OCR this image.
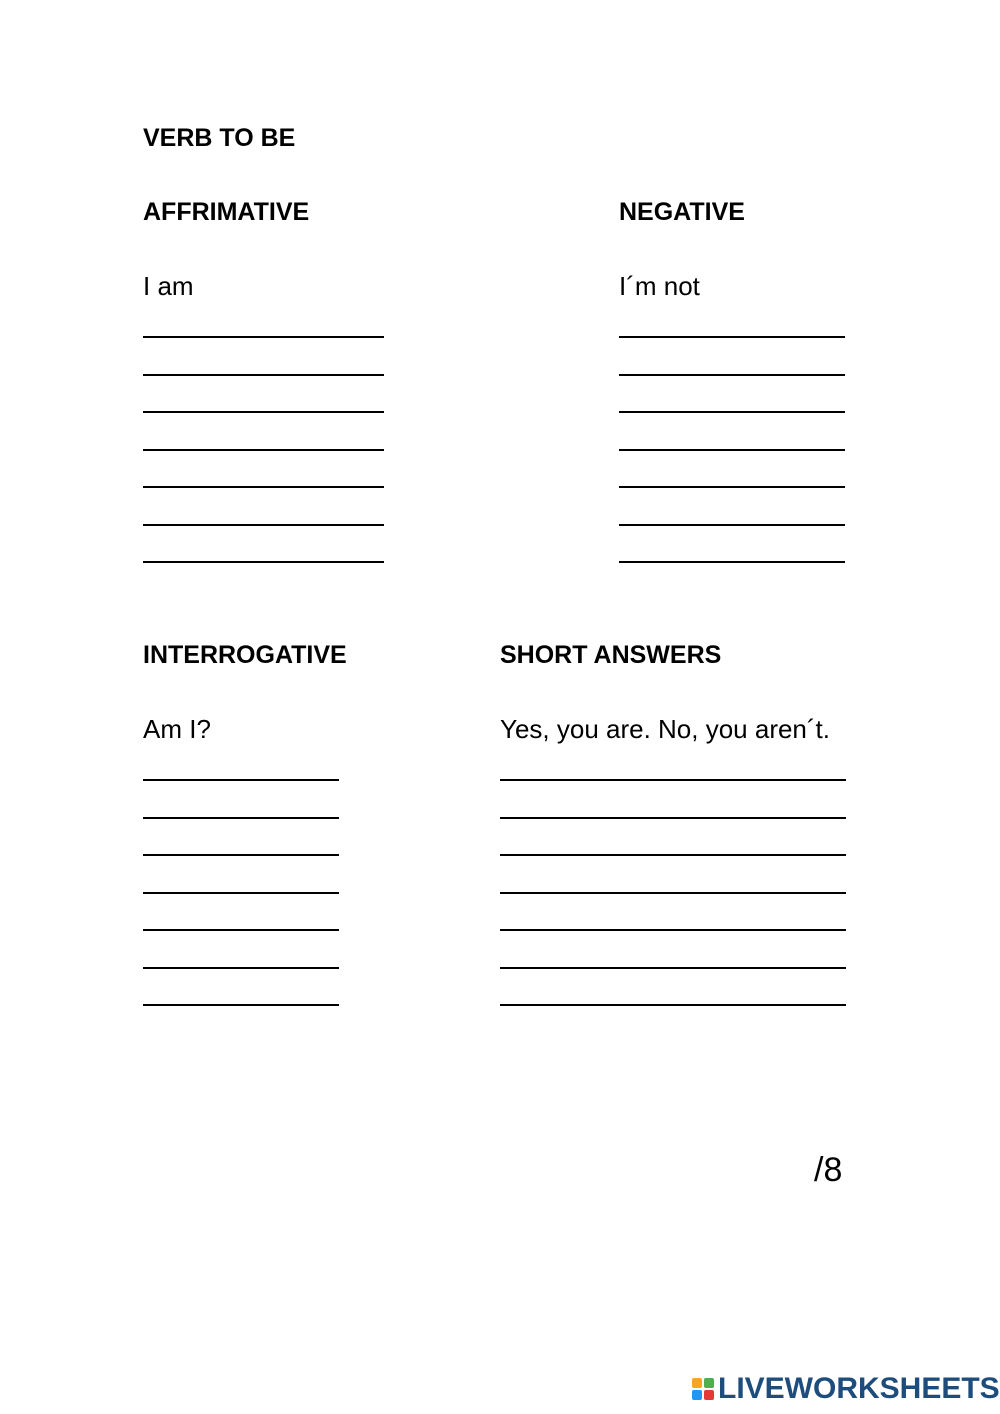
VERB TO BE
AFFRIMATIVE
I am
NEGATIVE
I´m not
INTERROGATIVE
Am I?
SHORT ANSWERS
Yes, you are. No, you aren´t.
/8
LIVEWORKSHEETS
